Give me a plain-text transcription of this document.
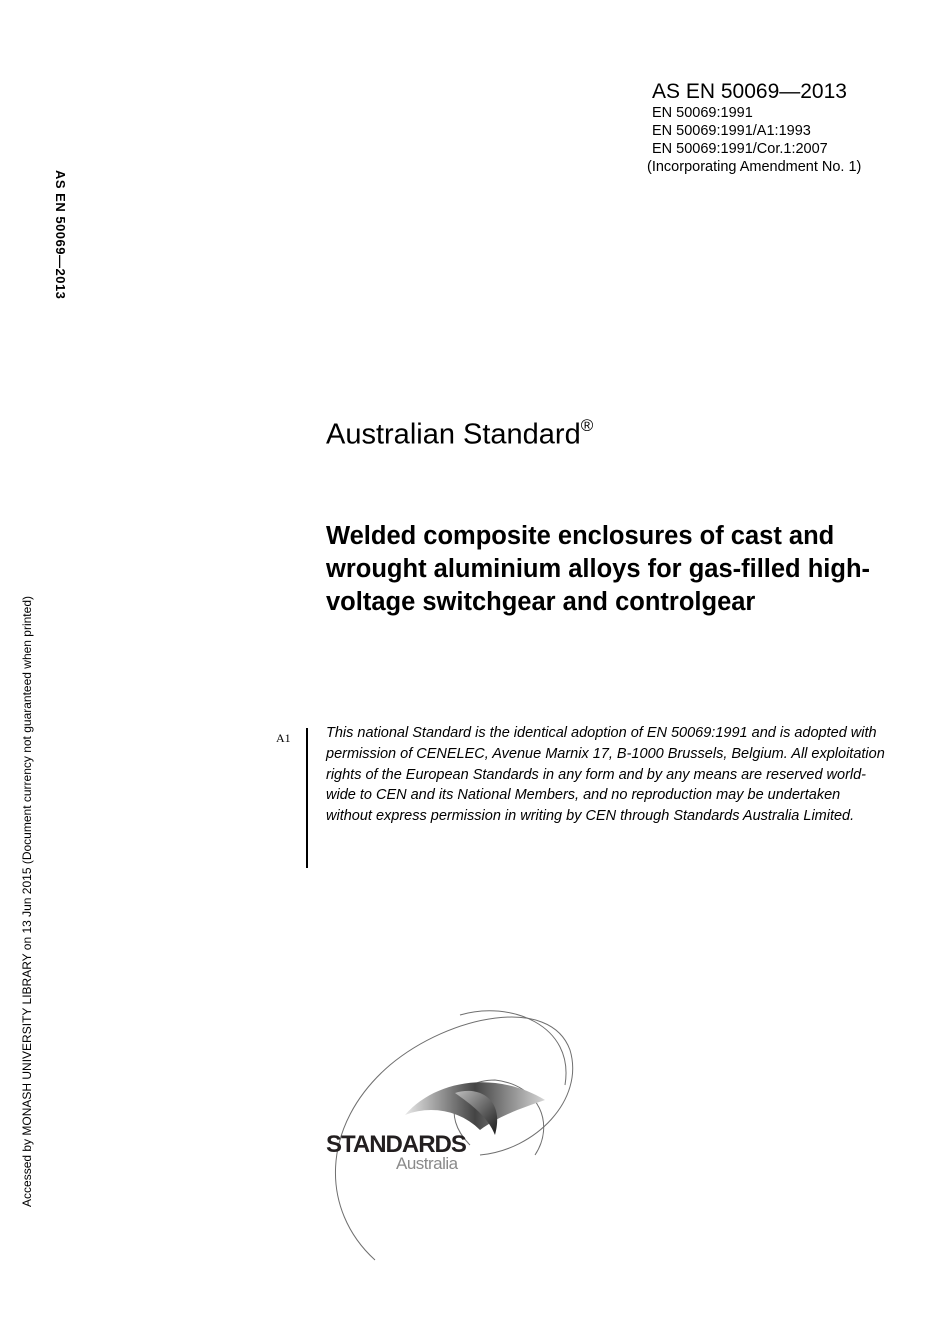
AS EN 50069—2013
EN 50069:1991
EN 50069:1991/A1:1993
EN 50069:1991/Cor.1:2007
(Incorporating Amendment No. 1)
AS EN 50069—2013
Accessed by MONASH UNIVERSITY LIBRARY on 13 Jun 2015 (Document currency not guaranteed when printed)
Australian Standard®
Welded composite enclosures of cast and wrought aluminium alloys for gas-filled high-voltage switchgear and controlgear
A1 This national Standard is the identical adoption of EN 50069:1991 and is adopted with permission of CENELEC, Avenue Marnix 17, B-1000 Brussels, Belgium. All exploitation rights of the European Standards in any form and by any means are reserved world-wide to CEN and its National Members, and no reproduction may be undertaken without express permission in writing by CEN through Standards Australia Limited.
STANDARDS
Australia
